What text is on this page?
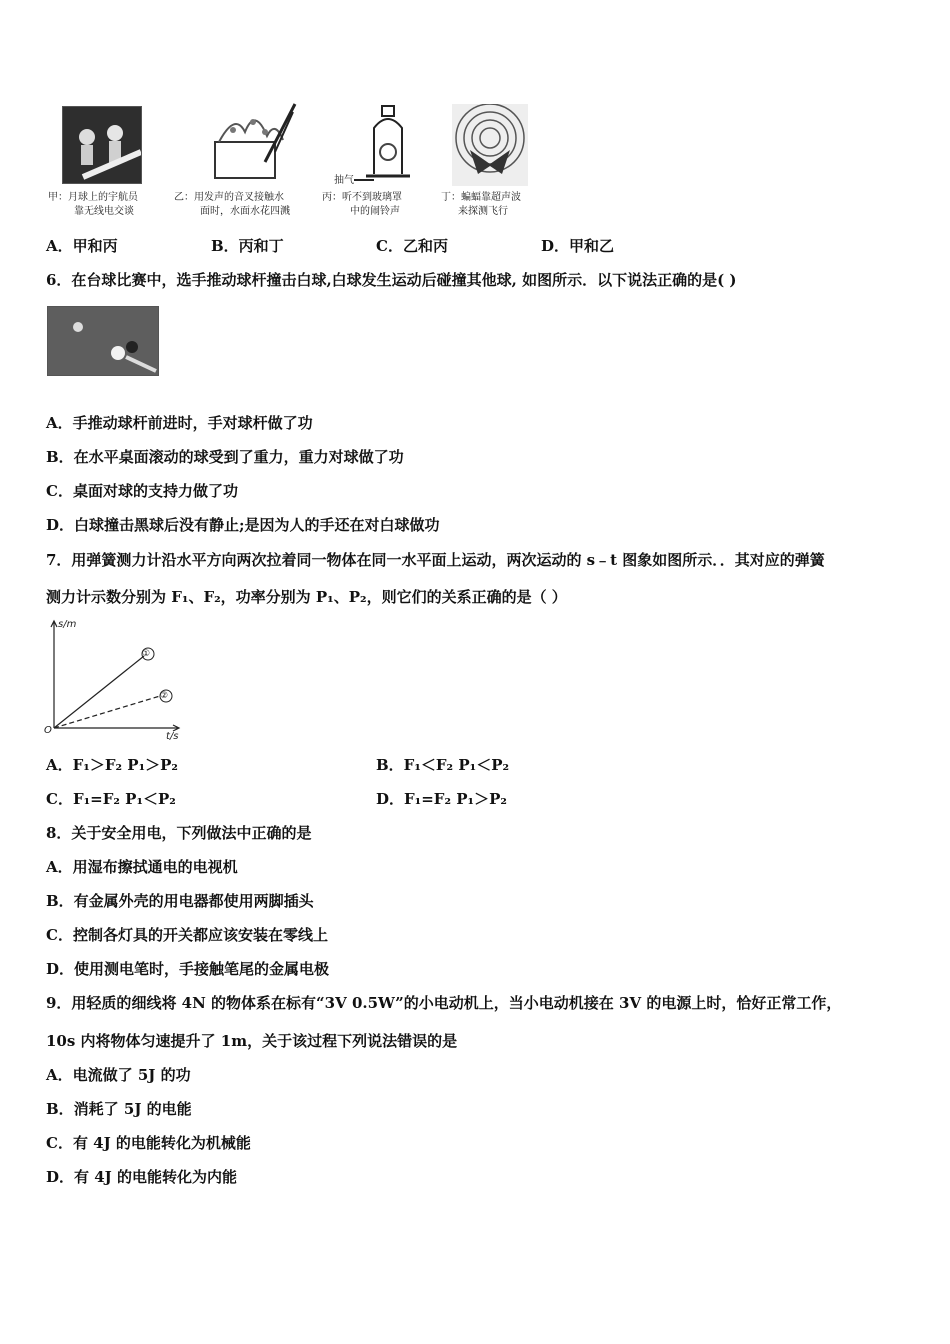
甲：月球上的宇航员
靠无线电交谈
乙：用发声的音叉接触水
面时，水面水花四溅
抽气
丙：听不到玻璃罩
中的闹铃声
丁：蝙蝠靠超声波
来探测飞行
A．甲和丙	B．丙和丁	C．乙和丙	D．甲和乙
6．在台球比赛中，选手推动球杆撞击白球,白球发生运动后碰撞其他球, 如图所示．以下说法正确的是( )
A．手推动球杆前进时，手对球杆做了功
B．在水平桌面滚动的球受到了重力，重力对球做了功
C．桌面对球的支持力做了功
D．白球撞击黑球后没有静止;是因为人的手还在对白球做功
7．用弹簧测力计沿水平方向两次拉着同一物体在同一水平面上运动，两次运动的 s﹣t 图象如图所示．．其对应的弹簧
测力计示数分别为 F₁、F₂，功率分别为 P₁、P₂，则它们的关系正确的是（ ）
s/m
t/s
O
①
②
A．F₁＞F₂ P₁＞P₂	B．F₁＜F₂ P₁＜P₂
C．F₁=F₂ P₁＜P₂	D．F₁=F₂ P₁＞P₂
8．关于安全用电，下列做法中正确的是
A．用湿布擦拭通电的电视机
B．有金属外壳的用电器都使用两脚插头
C．控制各灯具的开关都应该安装在零线上
D．使用测电笔时，手接触笔尾的金属电极
9．用轻质的细线将 4N 的物体系在标有“3V 0.5W”的小电动机上，当小电动机接在 3V 的电源上时，恰好正常工作，
10s 内将物体匀速提升了 1m，关于该过程下列说法错误的是
A．电流做了 5J 的功
B．消耗了 5J 的电能
C．有 4J 的电能转化为机械能
D．有 4J 的电能转化为内能
